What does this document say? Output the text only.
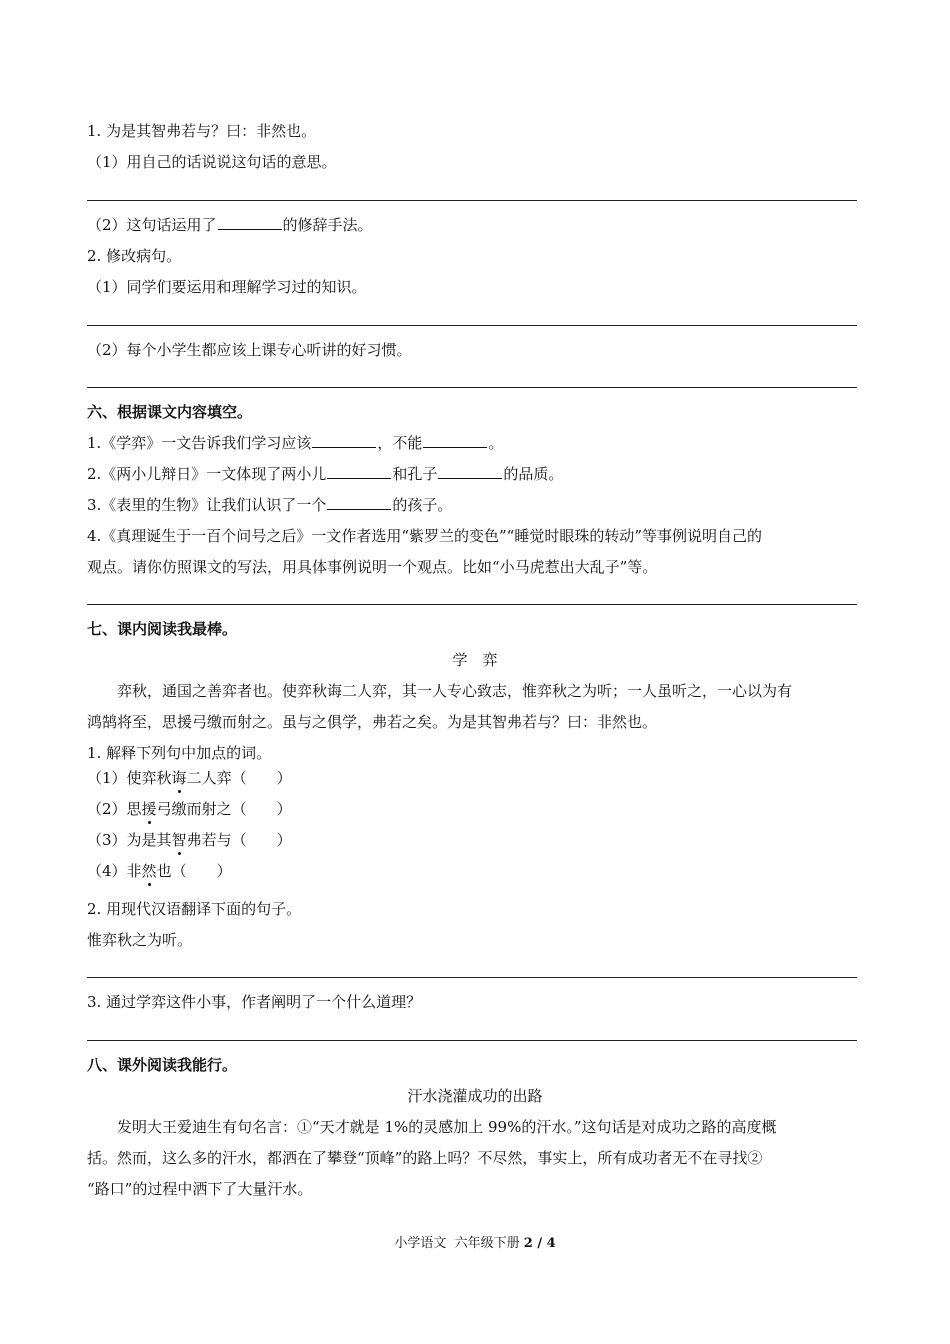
1. 为是其智弗若与？曰：非然也。
（1）用自己的话说说这句话的意思。
（2）这句话运用了	的修辞手法。
2. 修改病句。
（1）同学们要运用和理解学习过的知识。
（2）每个小学生都应该上课专心听讲的好习惯。
六、根据课文内容填空。
1.《学弈》一文告诉我们学习应该	，不能	。
2.《两小儿辩日》一文体现了两小儿	和孔子	的品质。
3.《表里的生物》让我们认识了一个	的孩子。
4.《真理诞生于一百个问号之后》一文作者选用“紫罗兰的变色”“睡觉时眼珠的转动”等事例说明自己的
观点。请你仿照课文的写法，用具体事例说明一个观点。比如“小马虎惹出大乱子”等。
七、课内阅读我最棒。
学　弈
弈秋，通国之善弈者也。使弈秋诲二人弈，其一人专心致志，惟弈秋之为听；一人虽听之，一心以为有
鸿鹄将至，思援弓缴而射之。虽与之俱学，弗若之矣。为是其智弗若与？曰：非然也。
1. 解释下列句中加点的词。
（1）使弈秋诲二人弈（　　）
（2）思援弓缴而射之（　　）
（3）为是其智弗若与（　　）
（4）非然也（　　）
2. 用现代汉语翻译下面的句子。
惟弈秋之为听。
3. 通过学弈这件小事，作者阐明了一个什么道理？
八、课外阅读我能行。
汗水浇灌成功的出路
发明大王爱迪生有句名言：①“天才就是 1%的灵感加上 99%的汗水。”这句话是对成功之路的高度概
括。然而，这么多的汗水，都洒在了攀登“顶峰”的路上吗？不尽然，事实上，所有成功者无不在寻找②
“路口”的过程中洒下了大量汗水。
小学语文 六年级下册 2 / 4
